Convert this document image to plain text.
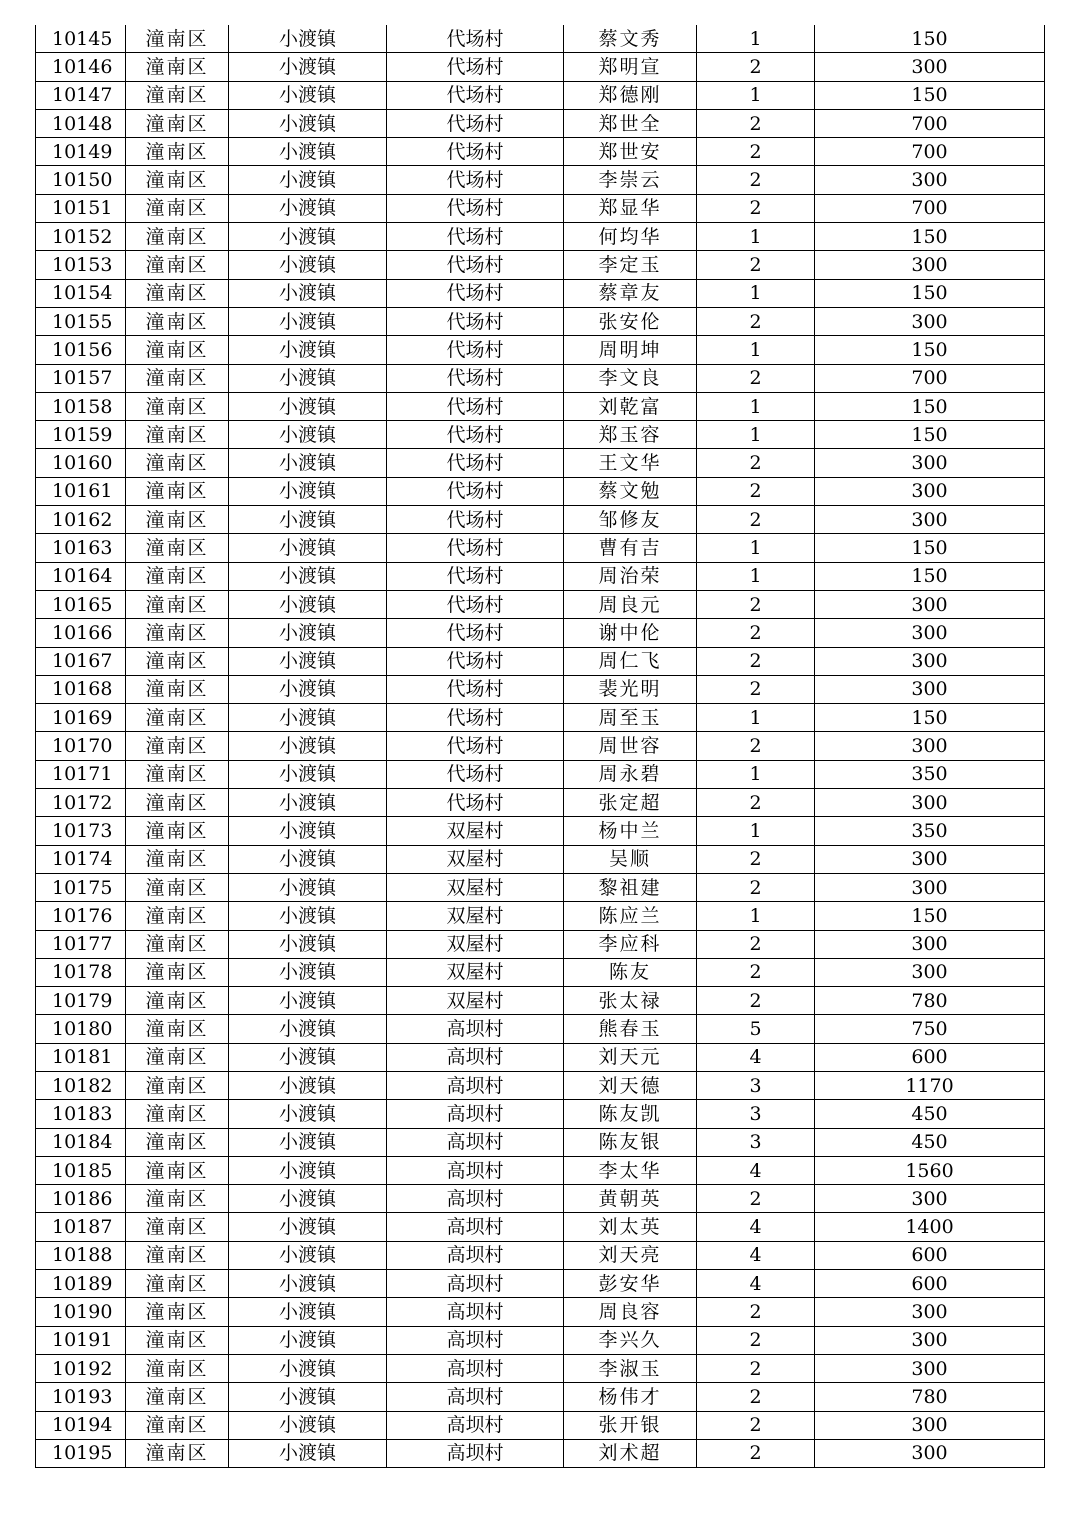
10145	潼南区	小渡镇	代场村	蔡文秀	1	150
10146	潼南区	小渡镇	代场村	郑明宣	2	300
10147	潼南区	小渡镇	代场村	郑德刚	1	150
10148	潼南区	小渡镇	代场村	郑世全	2	700
10149	潼南区	小渡镇	代场村	郑世安	2	700
10150	潼南区	小渡镇	代场村	李崇云	2	300
10151	潼南区	小渡镇	代场村	郑显华	2	700
10152	潼南区	小渡镇	代场村	何均华	1	150
10153	潼南区	小渡镇	代场村	李定玉	2	300
10154	潼南区	小渡镇	代场村	蔡章友	1	150
10155	潼南区	小渡镇	代场村	张安伦	2	300
10156	潼南区	小渡镇	代场村	周明坤	1	150
10157	潼南区	小渡镇	代场村	李文良	2	700
10158	潼南区	小渡镇	代场村	刘乾富	1	150
10159	潼南区	小渡镇	代场村	郑玉容	1	150
10160	潼南区	小渡镇	代场村	王文华	2	300
10161	潼南区	小渡镇	代场村	蔡文勉	2	300
10162	潼南区	小渡镇	代场村	邹修友	2	300
10163	潼南区	小渡镇	代场村	曹有吉	1	150
10164	潼南区	小渡镇	代场村	周治荣	1	150
10165	潼南区	小渡镇	代场村	周良元	2	300
10166	潼南区	小渡镇	代场村	谢中伦	2	300
10167	潼南区	小渡镇	代场村	周仁飞	2	300
10168	潼南区	小渡镇	代场村	裴光明	2	300
10169	潼南区	小渡镇	代场村	周至玉	1	150
10170	潼南区	小渡镇	代场村	周世容	2	300
10171	潼南区	小渡镇	代场村	周永碧	1	350
10172	潼南区	小渡镇	代场村	张定超	2	300
10173	潼南区	小渡镇	双屋村	杨中兰	1	350
10174	潼南区	小渡镇	双屋村	吴顺	2	300
10175	潼南区	小渡镇	双屋村	黎祖建	2	300
10176	潼南区	小渡镇	双屋村	陈应兰	1	150
10177	潼南区	小渡镇	双屋村	李应科	2	300
10178	潼南区	小渡镇	双屋村	陈友	2	300
10179	潼南区	小渡镇	双屋村	张太禄	2	780
10180	潼南区	小渡镇	高坝村	熊春玉	5	750
10181	潼南区	小渡镇	高坝村	刘天元	4	600
10182	潼南区	小渡镇	高坝村	刘天德	3	1170
10183	潼南区	小渡镇	高坝村	陈友凯	3	450
10184	潼南区	小渡镇	高坝村	陈友银	3	450
10185	潼南区	小渡镇	高坝村	李太华	4	1560
10186	潼南区	小渡镇	高坝村	黄朝英	2	300
10187	潼南区	小渡镇	高坝村	刘太英	4	1400
10188	潼南区	小渡镇	高坝村	刘天亮	4	600
10189	潼南区	小渡镇	高坝村	彭安华	4	600
10190	潼南区	小渡镇	高坝村	周良容	2	300
10191	潼南区	小渡镇	高坝村	李兴久	2	300
10192	潼南区	小渡镇	高坝村	李淑玉	2	300
10193	潼南区	小渡镇	高坝村	杨伟才	2	780
10194	潼南区	小渡镇	高坝村	张开银	2	300
10195	潼南区	小渡镇	高坝村	刘术超	2	300
